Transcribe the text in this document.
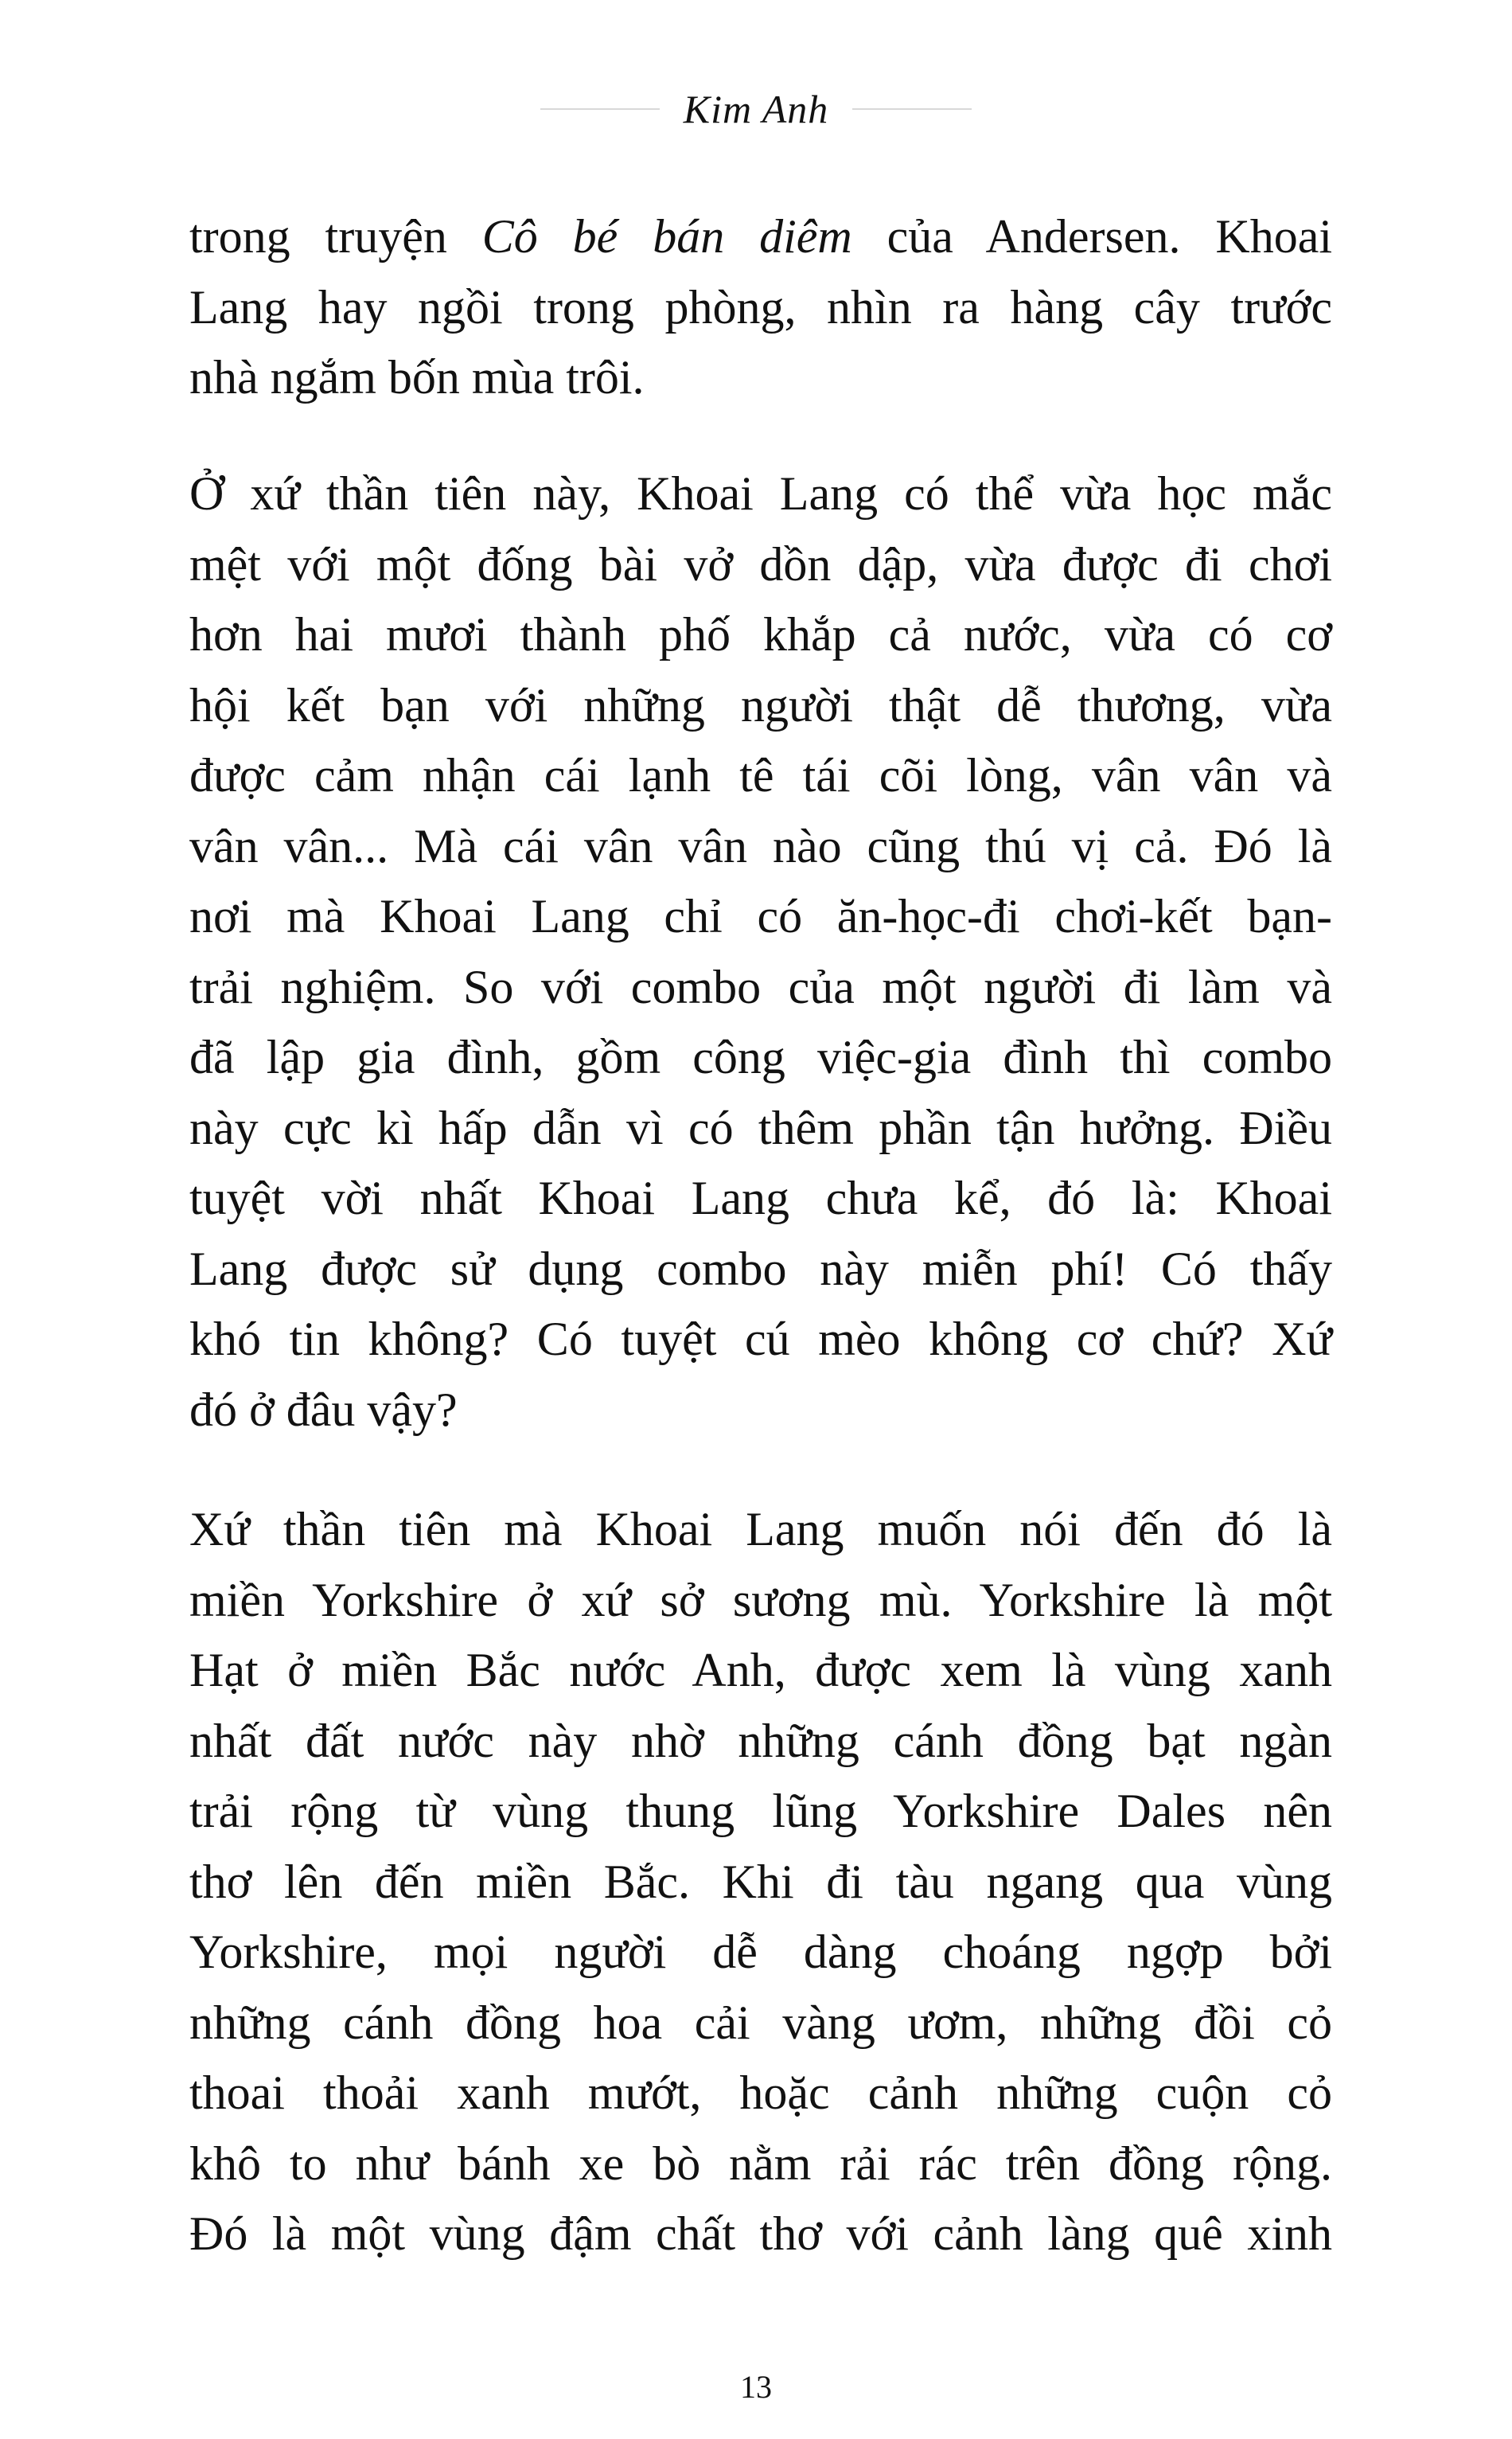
Kim Anh
trong truyện Cô bé bán diêm của Andersen. Khoai
Lang hay ngồi trong phòng, nhìn ra hàng cây trước
nhà ngắm bốn mùa trôi.
Ở xứ thần tiên này, Khoai Lang có thể vừa học mắc
mệt với một đống bài vở dồn dập, vừa được đi chơi
hơn hai mươi thành phố khắp cả nước, vừa có cơ
hội kết bạn với những người thật dễ thương, vừa
được cảm nhận cái lạnh tê tái cõi lòng, vân vân và
vân vân... Mà cái vân vân nào cũng thú vị cả. Đó là
nơi mà Khoai Lang chỉ có ăn-học-đi chơi-kết bạn-
trải nghiệm. So với combo của một người đi làm và
đã lập gia đình, gồm công việc-gia đình thì combo
này cực kì hấp dẫn vì có thêm phần tận hưởng. Điều
tuyệt vời nhất Khoai Lang chưa kể, đó là: Khoai
Lang được sử dụng combo này miễn phí! Có thấy
khó tin không? Có tuyệt cú mèo không cơ chứ? Xứ
đó ở đâu vậy?
Xứ thần tiên mà Khoai Lang muốn nói đến đó là
miền Yorkshire ở xứ sở sương mù. Yorkshire là một
Hạt ở miền Bắc nước Anh, được xem là vùng xanh
nhất đất nước này nhờ những cánh đồng bạt ngàn
trải rộng từ vùng thung lũng Yorkshire Dales nên
thơ lên đến miền Bắc. Khi đi tàu ngang qua vùng
Yorkshire, mọi người dễ dàng choáng ngợp bởi
những cánh đồng hoa cải vàng ươm, những đồi cỏ
thoai thoải xanh mướt, hoặc cảnh những cuộn cỏ
khô to như bánh xe bò nằm rải rác trên đồng rộng.
Đó là một vùng đậm chất thơ với cảnh làng quê xinh
13
